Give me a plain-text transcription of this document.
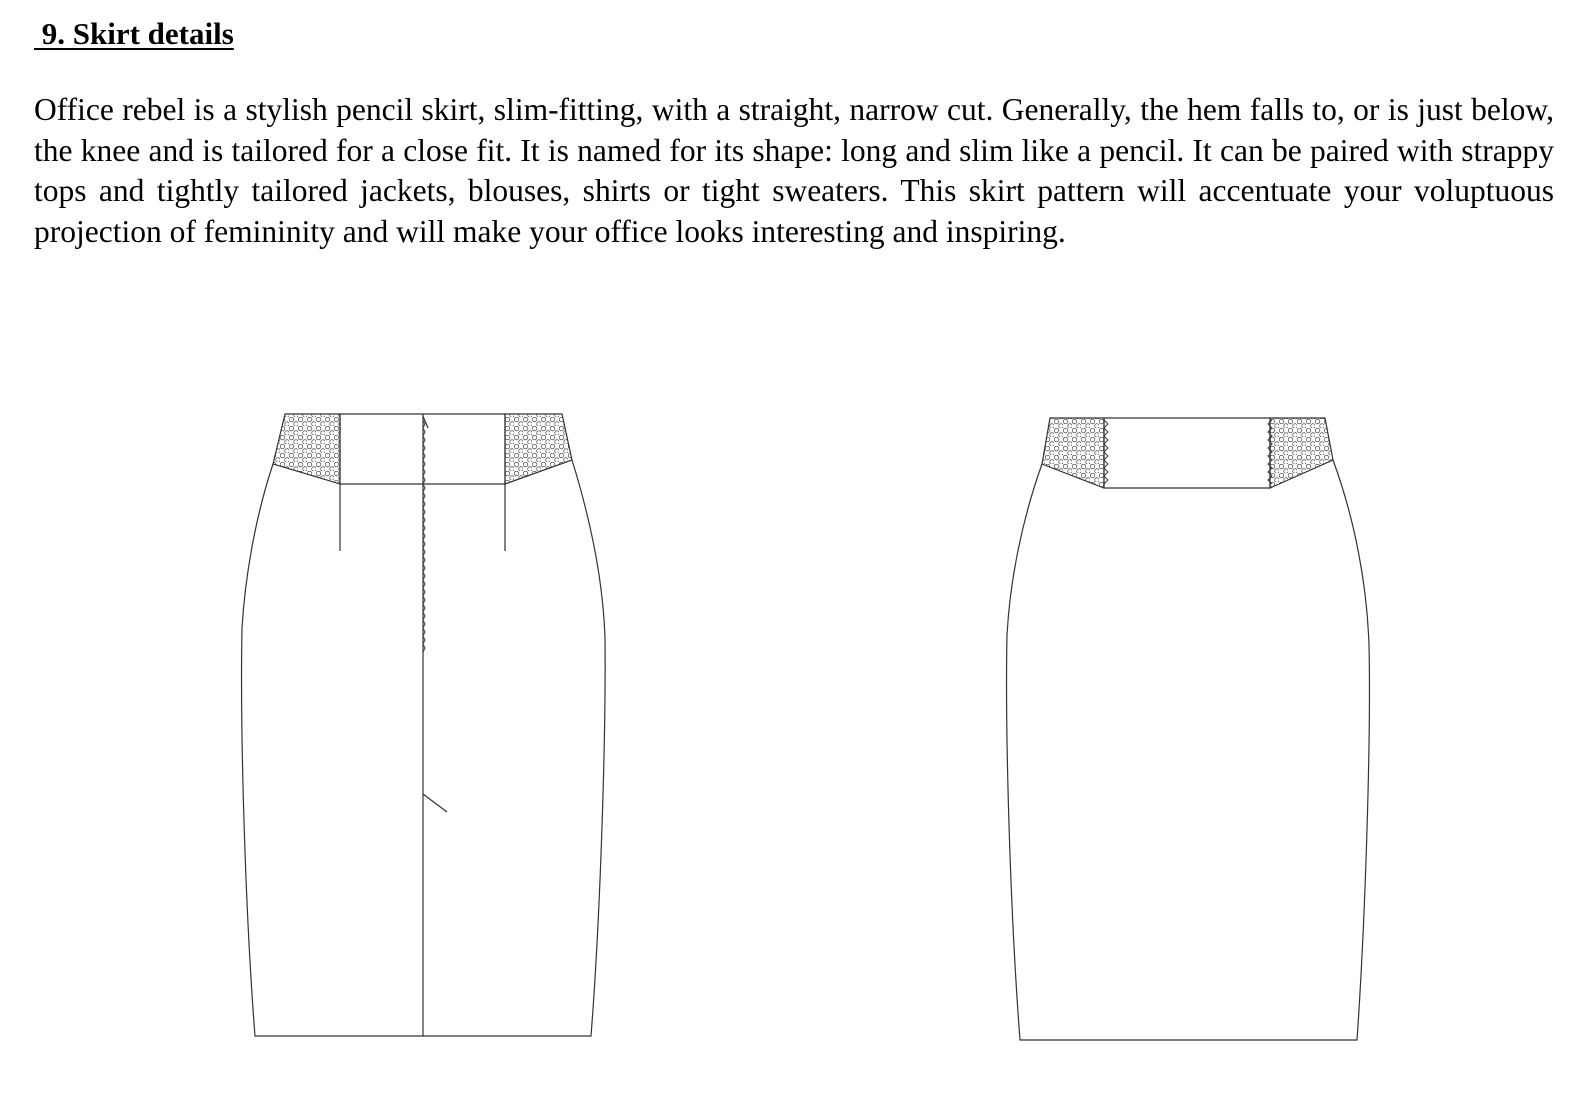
9. Skirt details

Office rebel is a stylish pencil skirt, slim-fitting, with a straight, narrow cut. Generally, the hem falls to, or is just below, the knee and is tailored for a close fit. It is named for its shape: long and slim like a pencil. It can be paired with strappy tops and tightly tailored jackets, blouses, shirts or tight sweaters. This skirt pattern will accentuate your voluptuous projection of femininity and will make your office looks interesting and inspiring.
